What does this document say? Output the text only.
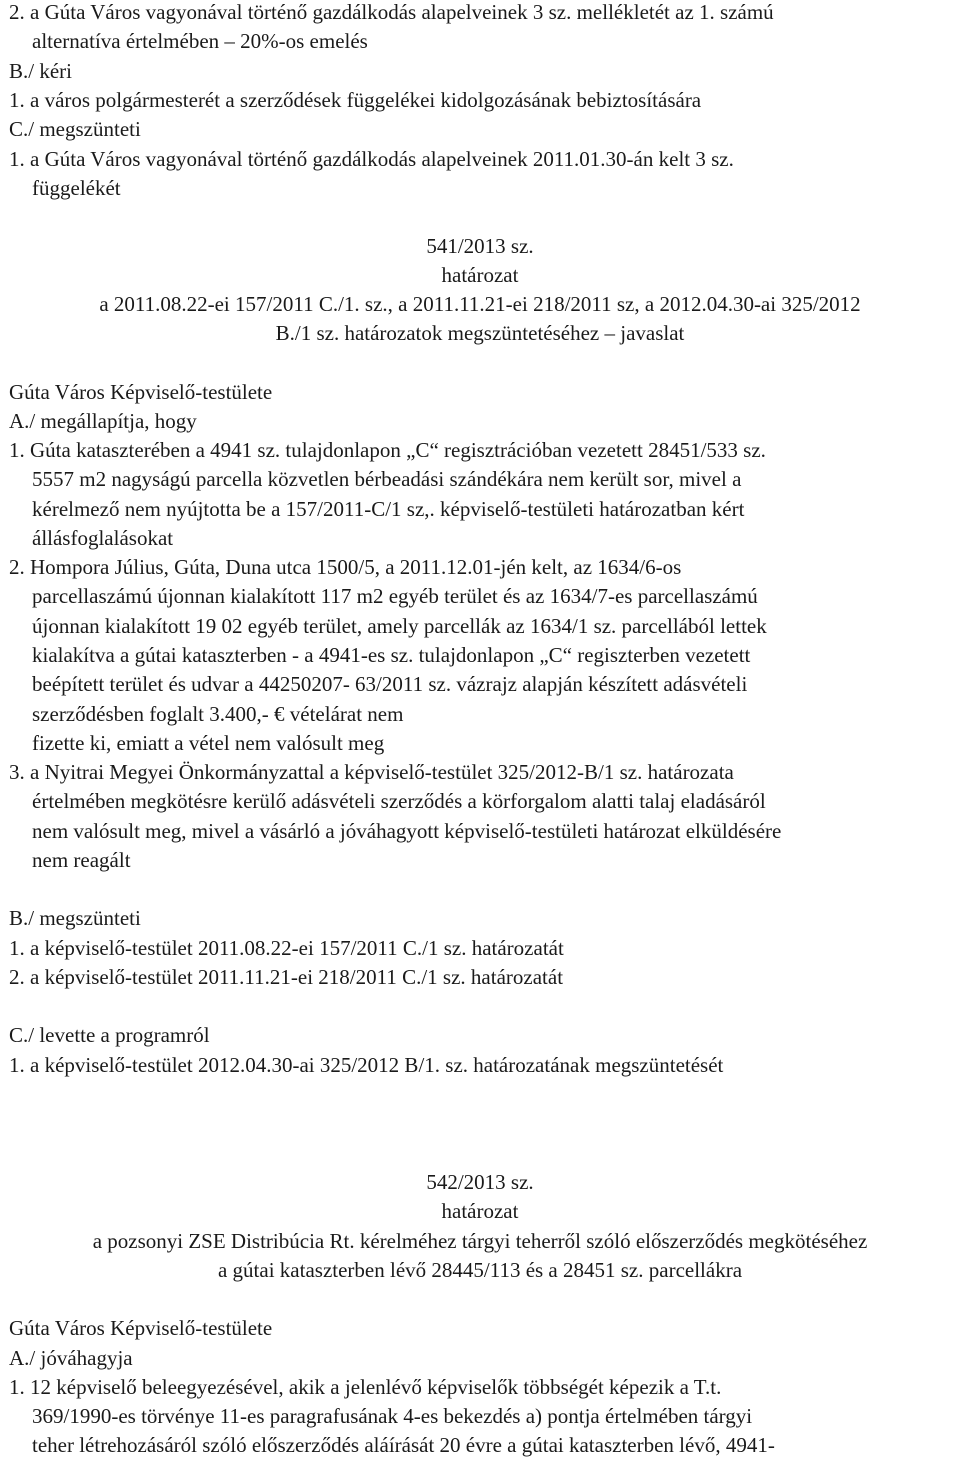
2. a Gúta Város vagyonával történő gazdálkodás alapelveinek 3 sz. mellékletét az 1. számú
alternatíva értelmében – 20%-os emelés
B./ kéri
1. a város polgármesterét a szerződések függelékei kidolgozásának bebiztosítására
C./ megszünteti
1. a Gúta Város vagyonával történő gazdálkodás alapelveinek 2011.01.30-án kelt 3 sz.
függelékét
541/2013 sz.
határozat
a 2011.08.22-ei 157/2011 C./1. sz., a 2011.11.21-ei 218/2011 sz, a 2012.04.30-ai 325/2012
B./1 sz. határozatok megszüntetéséhez – javaslat
Gúta Város Képviselő-testülete
A./ megállapítja, hogy
1. Gúta kataszterében a 4941 sz. tulajdonlapon „C“ regisztrációban vezetett 28451/533 sz.
5557 m2 nagyságú parcella közvetlen bérbeadási szándékára nem került sor, mivel a
kérelmező nem nyújtotta be a 157/2011-C/1 sz,. képviselő-testületi határozatban kért
állásfoglalásokat
2. Hompora Július, Gúta, Duna utca 1500/5, a 2011.12.01-jén kelt, az 1634/6-os
parcellaszámú újonnan kialakított 117 m2 egyéb terület és az 1634/7-es parcellaszámú
újonnan kialakított 19 02 egyéb terület, amely parcellák az 1634/1 sz. parcellából lettek
kialakítva a gútai kataszterben - a 4941-es sz. tulajdonlapon „C“ regiszterben vezetett
beépített terület és udvar a 44250207- 63/2011 sz. vázrajz alapján készített adásvételi
szerződésben foglalt 3.400,- € vételárat nem
fizette ki, emiatt a vétel nem valósult meg
3. a Nyitrai Megyei Önkormányzattal a képviselő-testület 325/2012-B/1 sz. határozata
értelmében megkötésre kerülő adásvételi szerződés a körforgalom alatti talaj eladásáról
nem valósult meg, mivel a vásárló a jóváhagyott képviselő-testületi határozat elküldésére
nem reagált
B./ megszünteti
1. a képviselő-testület 2011.08.22-ei 157/2011 C./1 sz. határozatát
2. a képviselő-testület 2011.11.21-ei 218/2011 C./1 sz. határozatát
C./ levette a programról
1. a képviselő-testület 2012.04.30-ai 325/2012 B/1. sz. határozatának megszüntetését
542/2013 sz.
határozat
a pozsonyi ZSE Distribúcia Rt. kérelméhez tárgyi teherről szóló előszerződés megkötéséhez
a gútai kataszterben lévő 28445/113 és a 28451 sz. parcellákra
Gúta Város Képviselő-testülete
A./ jóváhagyja
1. 12 képviselő beleegyezésével, akik a jelenlévő képviselők többségét képezik a T.t.
369/1990-es törvénye 11-es paragrafusának 4-es bekezdés a) pontja értelmében tárgyi
teher létrehozásáról szóló előszerződés aláírását 20 évre a gútai kataszterben lévő, 4941-
